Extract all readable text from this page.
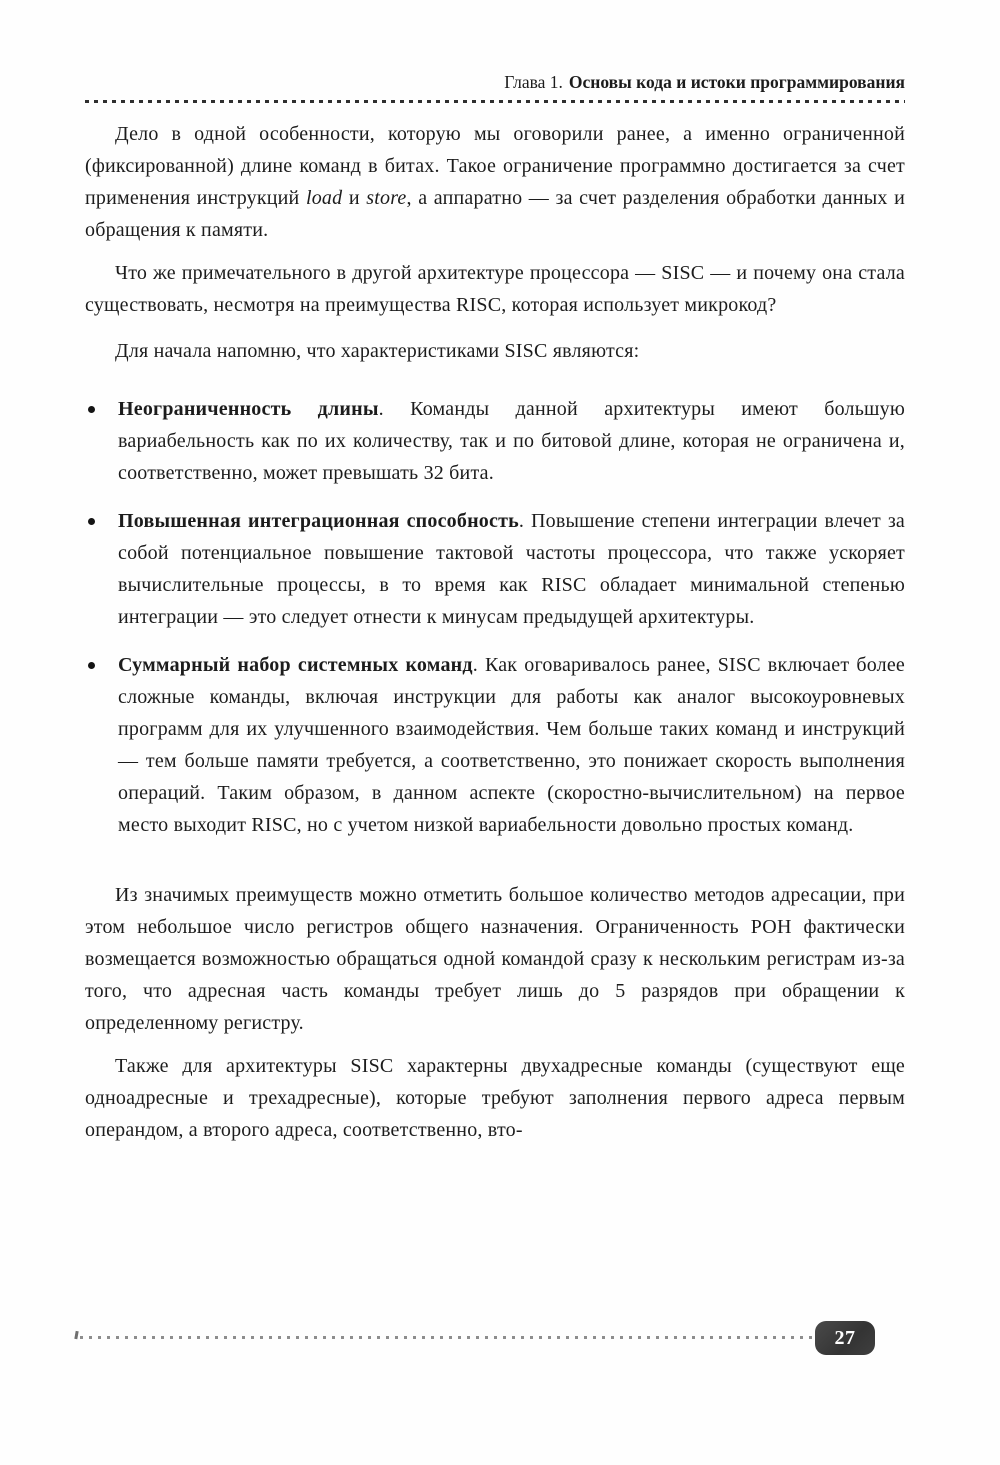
Глава 1. Основы кода и истоки программирования

Дело в одной особенности, которую мы оговорили ранее, а именно ограниченной (фиксированной) длине команд в битах. Такое ограничение программно достигается за счет применения инструкций load и store, а аппаратно — за счет разделения обработки данных и обращения к памяти.

Что же примечательного в другой архитектуре процессора — SISC — и почему она стала существовать, несмотря на преимущества RISC, которая использует микрокод?

Для начала напомню, что характеристиками SISC являются:

Неограниченность длины. Команды данной архитектуры имеют большую вариабельность как по их количеству, так и по битовой длине, которая не ограничена и, соответственно, может превышать 32 бита.

Повышенная интеграционная способность. Повышение степени интеграции влечет за собой потенциальное повышение тактовой частоты процессора, что также ускоряет вычислительные процессы, в то время как RISC обладает минимальной степенью интеграции — это следует отнести к минусам предыдущей архитектуры.

Суммарный набор системных команд. Как оговаривалось ранее, SISC включает более сложные команды, включая инструкции для работы как аналог высокоуровневых программ для их улучшенного взаимодействия. Чем больше таких команд и инструкций — тем больше памяти требуется, а соответственно, это понижает скорость выполнения операций. Таким образом, в данном аспекте (скоростно-вычислительном) на первое место выходит RISC, но с учетом низкой вариабельности довольно простых команд.

Из значимых преимуществ можно отметить большое количество методов адресации, при этом небольшое число регистров общего назначения. Ограниченность РОН фактически возмещается возможностью обращаться одной командой сразу к нескольким регистрам из-за того, что адресная часть команды требует лишь до 5 разрядов при обращении к определенному регистру.

Также для архитектуры SISC характерны двухадресные команды (существуют еще одноадресные и трехадресные), которые требуют заполнения первого адреса первым операндом, а второго адреса, соответственно, вто-

27
